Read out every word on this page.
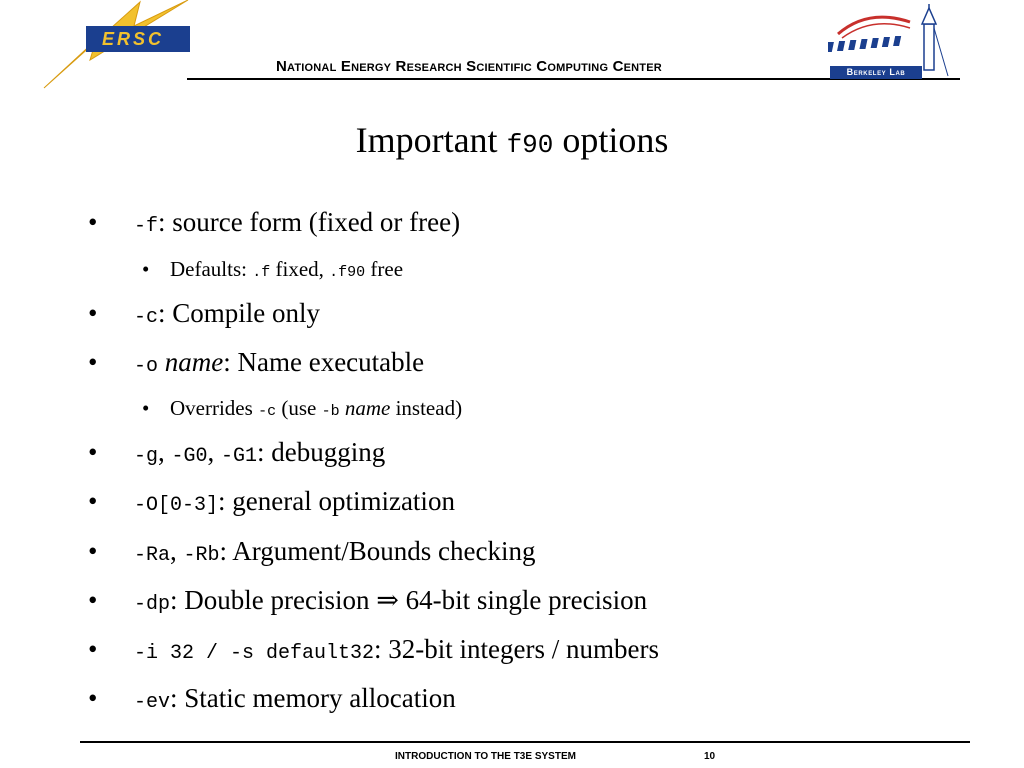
ERSC
National Energy Research Scientific Computing Center	Berkeley Lab
Important f90 options
• -f: source form (fixed or free)
• Defaults: .f fixed, .f90 free
• -c: Compile only
• -o name: Name executable
• Overrides -c (use -b name instead)
• -g, -G0, -G1: debugging
• -O[0-3]: general optimization
• -Ra, -Rb: Argument/Bounds checking
• -dp: Double precision ⇒ 64-bit single precision
• -i 32 / -s default32: 32-bit integers / numbers
• -ev: Static memory allocation
INTRODUCTION TO THE T3E SYSTEM	10
